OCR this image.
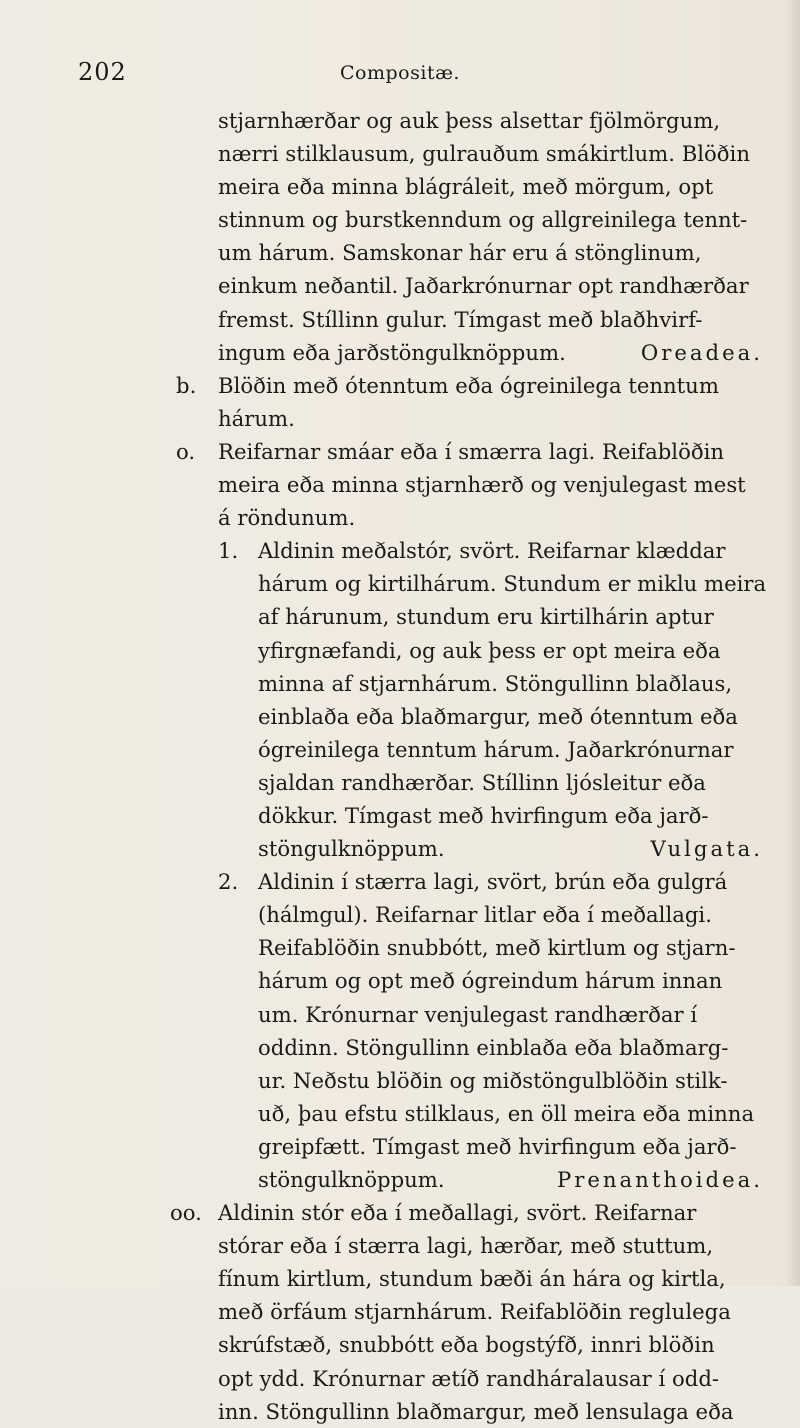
202	Compositæ.
stjarnhærðar og auk þess alsettar fjölmörgum,
nærri stilklausum, gulrauðum smákirtlum. Blöðin
meira eða minna blágráleit, með mörgum, opt
stinnum og burstkenndum og allgreinilega tennt-
um hárum. Samskonar hár eru á stönglinum,
einkum neðantil. Jaðarkrónurnar opt randhærðar
fremst. Stíllinn gulur. Tímgast með blaðhvirf-
ingum eða jarðstöngulknöppum.	Oreadea.
b. Blöðin með ótenntum eða ógreinilega tenntum
hárum.
o. Reifarnar smáar eða í smærra lagi. Reifablöðin
meira eða minna stjarnhærð og venjulegast mest
á röndunum.
1. Aldinin meðalstór, svört. Reifarnar klæddar
hárum og kirtilhárum. Stundum er miklu meira
af hárunum, stundum eru kirtilhárin aptur
yfirgnæfandi, og auk þess er opt meira eða
minna af stjarnhárum. Stöngullinn blaðlaus,
einblaða eða blaðmargur, með ótenntum eða
ógreinilega tenntum hárum. Jaðarkrónurnar
sjaldan randhærðar. Stíllinn ljósleitur eða
dökkur. Tímgast með hvirfingum eða jarð-
stöngulknöppum.	Vulgata.
2. Aldinin í stærra lagi, svört, brún eða gulgrá
(hálmgul). Reifarnar litlar eða í meðallagi.
Reifablöðin snubbótt, með kirtlum og stjarn-
hárum og opt með ógreindum hárum innan
um. Krónurnar venjulegast randhærðar í
oddinn. Stöngullinn einblaða eða blaðmarg-
ur. Neðstu blöðin og miðstöngulblöðin stilk-
uð, þau efstu stilklaus, en öll meira eða minna
greipfætt. Tímgast með hvirfingum eða jarð-
stöngulknöppum.	Prenanthoidea.
oo. Aldinin stór eða í meðallagi, svört. Reifarnar
stórar eða í stærra lagi, hærðar, með stuttum,
fínum kirtlum, stundum bæði án hára og kirtla,
með örfáum stjarnhárum. Reifablöðin reglulega
skrúfstæð, snubbótt eða bogstýfð, innri blöðin
opt ydd. Krónurnar ætíð randháralausar í odd-
inn. Stöngullinn blaðmargur, með lensulaga eða
